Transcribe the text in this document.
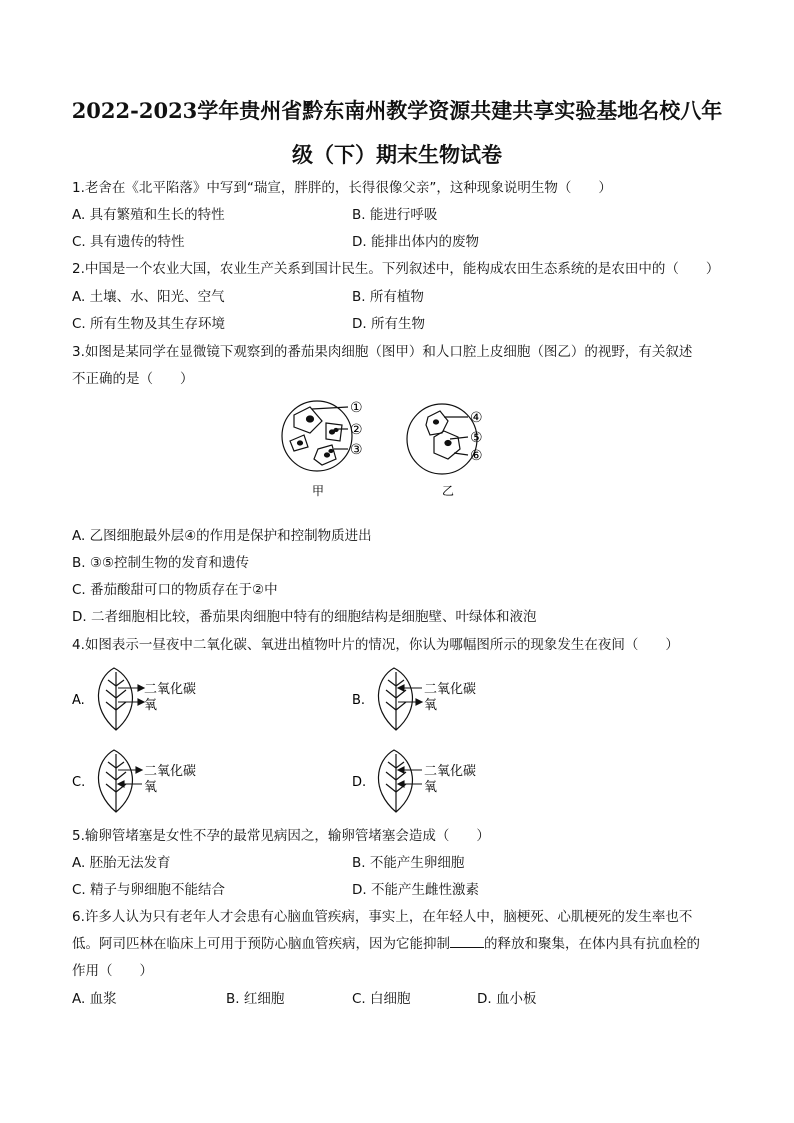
2022-2023学年贵州省黔东南州教学资源共建共享实验基地名校八年
级（下）期末生物试卷
1.老舍在《北平陷落》中写到“瑞宣，胖胖的，长得很像父亲”，这种现象说明生物（　　）
A. 具有繁殖和生长的特性	B. 能进行呼吸
C. 具有遗传的特性	D. 能排出体内的废物
2.中国是一个农业大国，农业生产关系到国计民生。下列叙述中，能构成农田生态系统的是农田中的（　　）
A. 土壤、水、阳光、空气	B. 所有植物
C. 所有生物及其生存环境	D. 所有生物
3.如图是某同学在显微镜下观察到的番茄果肉细胞（图甲）和人口腔上皮细胞（图乙）的视野，有关叙述
不正确的是（　　）
①
②
③
甲
④
⑤
⑥
乙
A. 乙图细胞最外层④的作用是保护和控制物质进出
B. ③⑤控制生物的发育和遗传
C. 番茄酸甜可口的物质存在于②中
D. 二者细胞相比较，番茄果肉细胞中特有的细胞结构是细胞壁、叶绿体和液泡
4.如图表示一昼夜中二氧化碳、氧进出植物叶片的情况，你认为哪幅图所示的现象发生在夜间（　　）
A.
二氧化碳
氧	B.
二氧化碳
氧
C.
二氧化碳
氧	D.
二氧化碳
氧
5.输卵管堵塞是女性不孕的最常见病因之，输卵管堵塞会造成（　　）
A. 胚胎无法发育	B. 不能产生卵细胞
C. 精子与卵细胞不能结合	D. 不能产生雌性激素
6.许多人认为只有老年人才会患有心脑血管疾病，事实上，在年轻人中，脑梗死、心肌梗死的发生率也不
低。阿司匹林在临床上可用于预防心脑血管疾病，因为它能抑制	的释放和聚集，在体内具有抗血栓的
作用（　　）
A. 血浆	B. 红细胞	C. 白细胞	D. 血小板
